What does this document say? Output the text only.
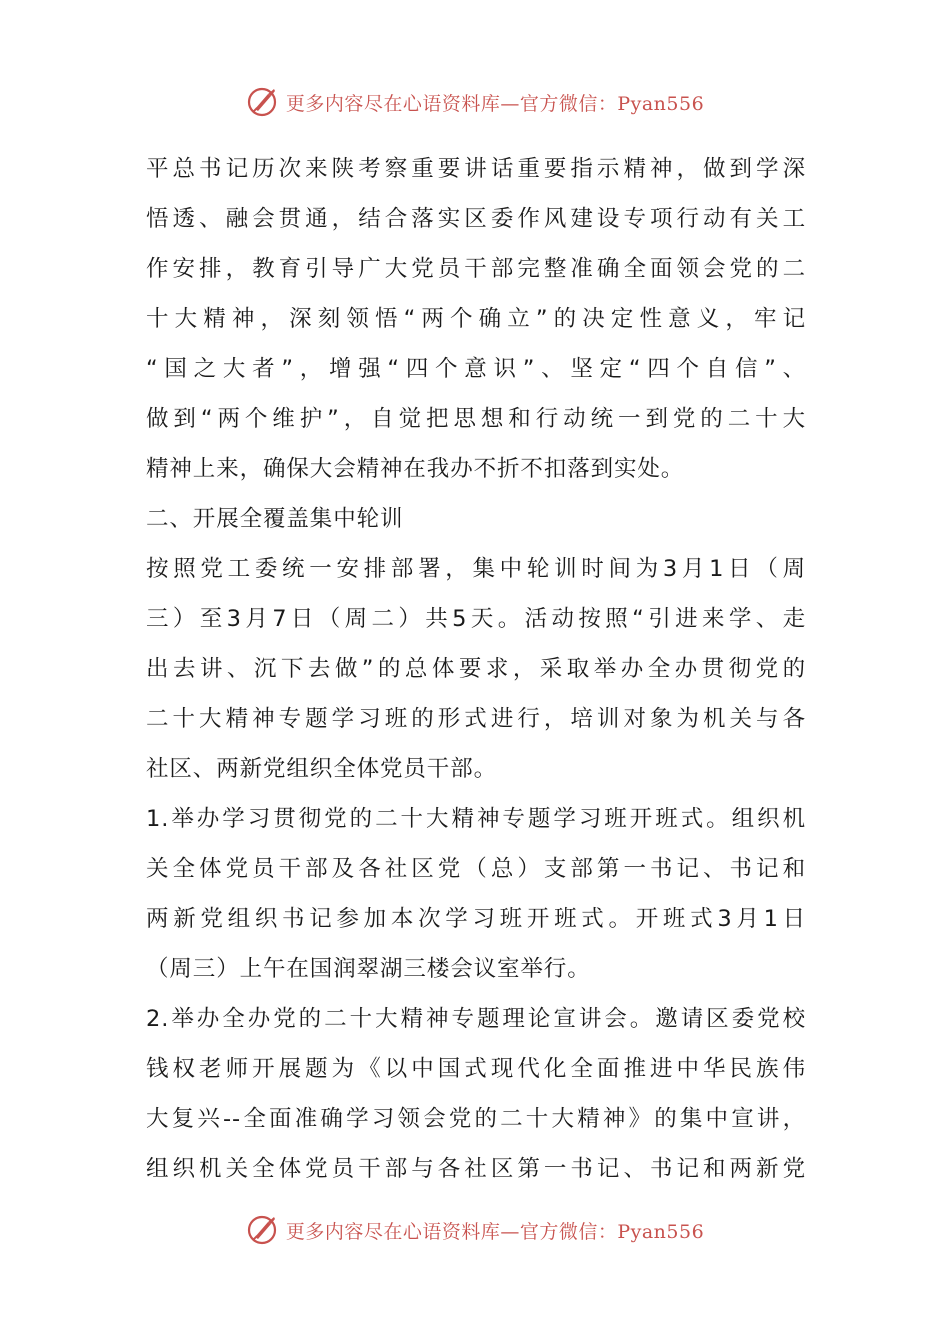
更多内容尽在心语资料库—官方微信：Pyan556
平总书记历次来陕考察重要讲话重要指示精神，做到学深
悟透、融会贯通，结合落实区委作风建设专项行动有关工
作安排，教育引导广大党员干部完整准确全面领会党的二
十大精神，深刻领悟“两个确立”的决定性意义，牢记
“国之大者”，增强“四个意识”、坚定“四个自信”、
做到“两个维护”，自觉把思想和行动统一到党的二十大
精神上来，确保大会精神在我办不折不扣落到实处。
二、开展全覆盖集中轮训
按照党工委统一安排部署，集中轮训时间为3月1日（周
三）至3月7日（周二）共5天。活动按照“引进来学、走
出去讲、沉下去做”的总体要求，采取举办全办贯彻党的
二十大精神专题学习班的形式进行，培训对象为机关与各
社区、两新党组织全体党员干部。
1.举办学习贯彻党的二十大精神专题学习班开班式。组织机
关全体党员干部及各社区党（总）支部第一书记、书记和
两新党组织书记参加本次学习班开班式。开班式3月1日
（周三）上午在国润翠湖三楼会议室举行。
2.举办全办党的二十大精神专题理论宣讲会。邀请区委党校
钱权老师开展题为《以中国式现代化全面推进中华民族伟
大复兴--全面准确学习领会党的二十大精神》的集中宣讲，
组织机关全体党员干部与各社区第一书记、书记和两新党
更多内容尽在心语资料库—官方微信：Pyan556
